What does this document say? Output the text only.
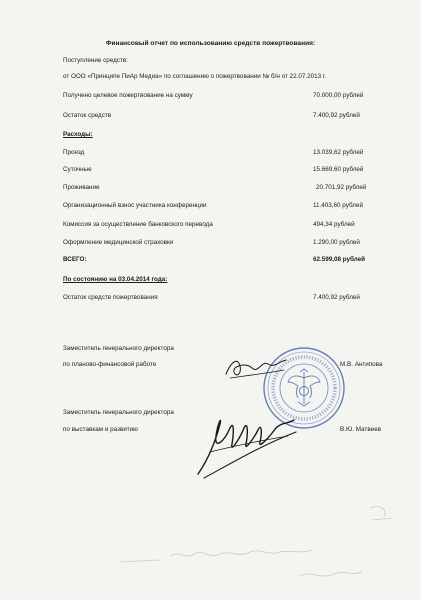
Финансовый отчет по использованию средств пожертвования:
Поступление средств:
от ООО «Принципе ПиАр Медиа» по соглашению о пожертвовании № б/н от 22.07.2013 г.
Получено целевое пожертвование на сумму	70.000,00 рублей
Остаток средств	7.400,92 рублей
Расходы:
Проезд	13.039,62 рублей
Суточные	15.669,60 рублей
Проживание	20.701,92 рублей
Организационный взнос участника конференции	11.403,60 рублей
Комиссия за осуществление банковского перевода	494,34 рублей
Оформление медицинской страховки	1.290,00 рублей
ВСЕГО:	62.599,08 рублей
По состоянию на 03.04.2014 года:
Остаток средств пожертвования	7.400,92 рублей
Заместитель генерального директора
по планово-финансовой работе	М.В. Антипова
Заместитель генерального директора
по выставкам и развитию	В.Ю. Матвеев
